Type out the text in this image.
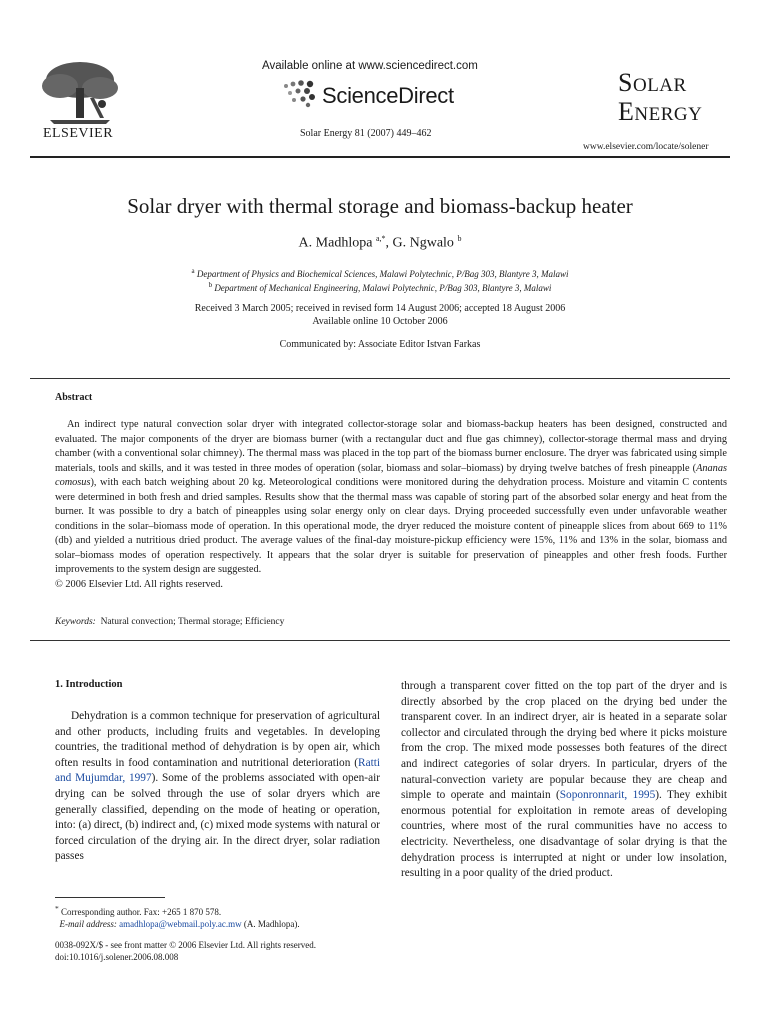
ELSEVIER
Available online at www.sciencedirect.com
ScienceDirect
Solar Energy 81 (2007) 449–462
SOLAR
ENERGY
www.elsevier.com/locate/solener
Solar dryer with thermal storage and biomass-backup heater
A. Madhlopa $^{a,*}$, G. Ngwalo $^b$
$^a$ Department of Physics and Biochemical Sciences, Malawi Polytechnic, P/Bag 303, Blantyre 3, Malawi
$^b$ Department of Mechanical Engineering, Malawi Polytechnic, P/Bag 303, Blantyre 3, Malawi
Received 3 March 2005; received in revised form 14 August 2006; accepted 18 August 2006
Available online 10 October 2006
Communicated by: Associate Editor Istvan Farkas
Abstract
An indirect type natural convection solar dryer with integrated collector-storage solar and biomass-backup heaters has been designed, constructed and evaluated. The major components of the dryer are biomass burner (with a rectangular duct and flue gas chimney), collector-storage thermal mass and drying chamber (with a conventional solar chimney). The thermal mass was placed in the top part of the biomass burner enclosure. The dryer was fabricated using simple materials, tools and skills, and it was tested in three modes of operation (solar, biomass and solar–biomass) by drying twelve batches of fresh pineapple (Ananas comosus), with each batch weighing about 20 kg. Meteorological conditions were monitored during the dehydration process. Moisture and vitamin C contents were determined in both fresh and dried samples. Results show that the thermal mass was capable of storing part of the absorbed solar energy and heat from the burner. It was possible to dry a batch of pineapples using solar energy only on clear days. Drying proceeded successfully even under unfavorable weather conditions in the solar–biomass mode of operation. In this operational mode, the dryer reduced the moisture content of pineapple slices from about 669 to 11% (db) and yielded a nutritious dried product. The average values of the final-day moisture-pickup efficiency were 15%, 11% and 13% in the solar, biomass and solar–biomass modes of operation respectively. It appears that the solar dryer is suitable for preservation of pineapples and other fresh foods. Further improvements to the system design are suggested.
© 2006 Elsevier Ltd. All rights reserved.
Keywords: Natural convection; Thermal storage; Efficiency
1. Introduction
Dehydration is a common technique for preservation of agricultural and other products, including fruits and vegetables. In developing countries, the traditional method of dehydration is by open air, which often results in food contamination and nutritional deterioration (Ratti and Mujumdar, 1997). Some of the problems associated with open-air drying can be solved through the use of solar dryers which are generally classified, depending on the mode of heating or operation, into: (a) direct, (b) indirect and, (c) mixed mode systems with natural or forced circulation of the drying air. In the direct dryer, solar radiation passes
through a transparent cover fitted on the top part of the dryer and is directly absorbed by the crop placed on the drying bed under the transparent cover. In an indirect dryer, air is heated in a separate solar collector and circulated through the drying bed where it picks moisture from the crop. The mixed mode possesses both features of the direct and indirect categories of solar dryers. In particular, dryers of the natural-convection variety are popular because they are cheap and simple to operate and maintain (Soponronnarit, 1995). They exhibit enormous potential for exploitation in remote areas of developing countries, where most of the rural communities have no access to electricity. Nevertheless, one disadvantage of solar drying is that the dehydration process is interrupted at night or under low insolation, resulting in a poor quality of the dried product.
* Corresponding author. Fax: +265 1 870 578.
E-mail address: amadhlopa@webmail.poly.ac.mw (A. Madhlopa).
0038-092X/$ - see front matter © 2006 Elsevier Ltd. All rights reserved.
doi:10.1016/j.solener.2006.08.008
